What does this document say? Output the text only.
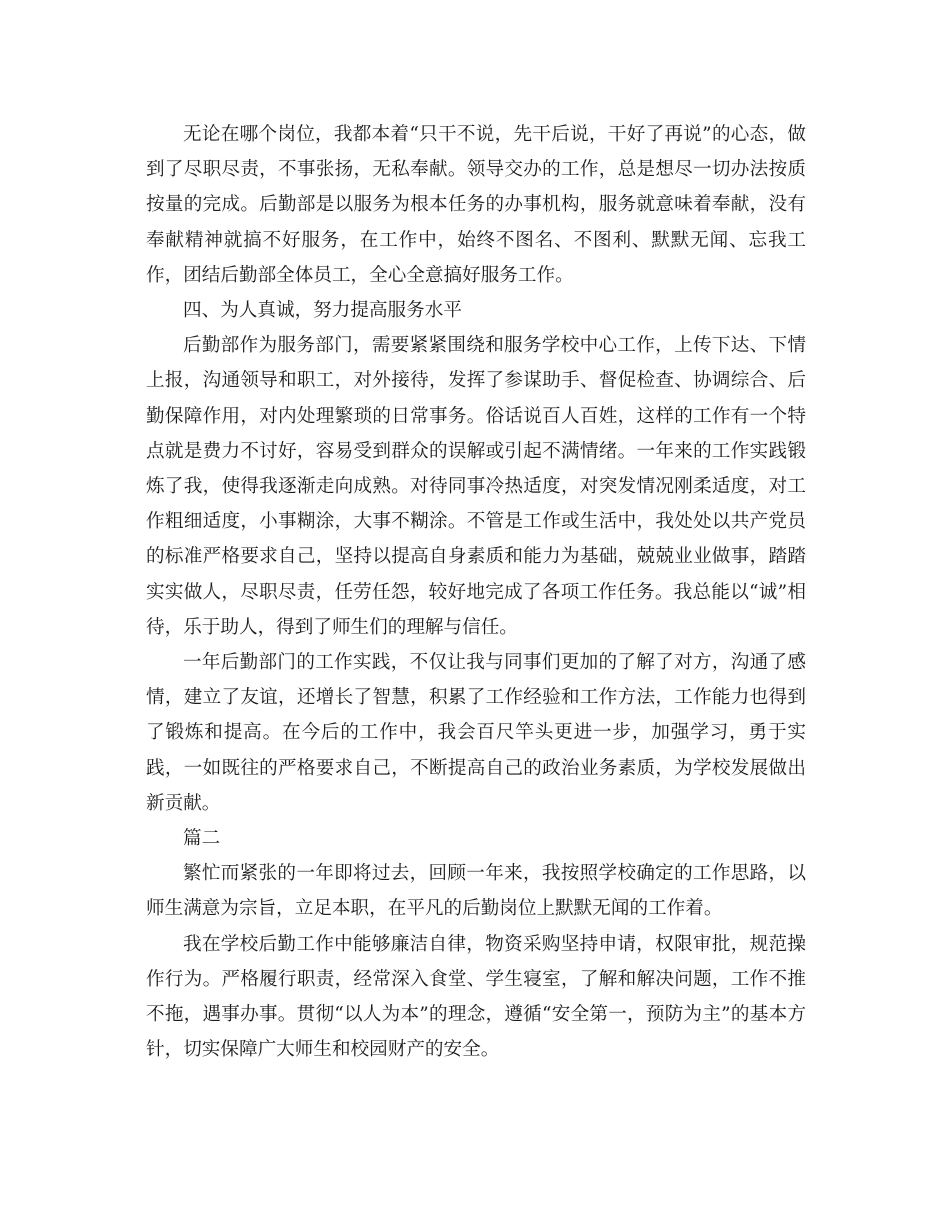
无论在哪个岗位，我都本着“只干不说，先干后说，干好了再说”的心态，做到了尽职尽责，不事张扬，无私奉献。领导交办的工作，总是想尽一切办法按质按量的完成。后勤部是以服务为根本任务的办事机构，服务就意味着奉献，没有奉献精神就搞不好服务，在工作中，始终不图名、不图利、默默无闻、忘我工作，团结后勤部全体员工，全心全意搞好服务工作。

四、为人真诚，努力提高服务水平

后勤部作为服务部门，需要紧紧围绕和服务学校中心工作，上传下达、下情上报，沟通领导和职工，对外接待，发挥了参谋助手、督促检查、协调综合、后勤保障作用，对内处理繁琐的日常事务。俗话说百人百姓，这样的工作有一个特点就是费力不讨好，容易受到群众的误解或引起不满情绪。一年来的工作实践锻炼了我，使得我逐渐走向成熟。对待同事冷热适度，对突发情况刚柔适度，对工作粗细适度，小事糊涂，大事不糊涂。不管是工作或生活中，我处处以共产党员的标准严格要求自己，坚持以提高自身素质和能力为基础，兢兢业业做事，踏踏实实做人，尽职尽责，任劳任怨，较好地完成了各项工作任务。我总能以“诚”相待，乐于助人，得到了师生们的理解与信任。

一年后勤部门的工作实践，不仅让我与同事们更加的了解了对方，沟通了感情，建立了友谊，还增长了智慧，积累了工作经验和工作方法，工作能力也得到了锻炼和提高。在今后的工作中，我会百尺竿头更进一步，加强学习，勇于实践，一如既往的严格要求自己，不断提高自己的政治业务素质，为学校发展做出新贡献。

篇二

繁忙而紧张的一年即将过去，回顾一年来，我按照学校确定的工作思路，以师生满意为宗旨，立足本职，在平凡的后勤岗位上默默无闻的工作着。

我在学校后勤工作中能够廉洁自律，物资采购坚持申请，权限审批，规范操作行为。严格履行职责，经常深入食堂、学生寝室，了解和解决问题，工作不推不拖，遇事办事。贯彻“以人为本”的理念，遵循“安全第一，预防为主”的基本方针，切实保障广大师生和校园财产的安全。
